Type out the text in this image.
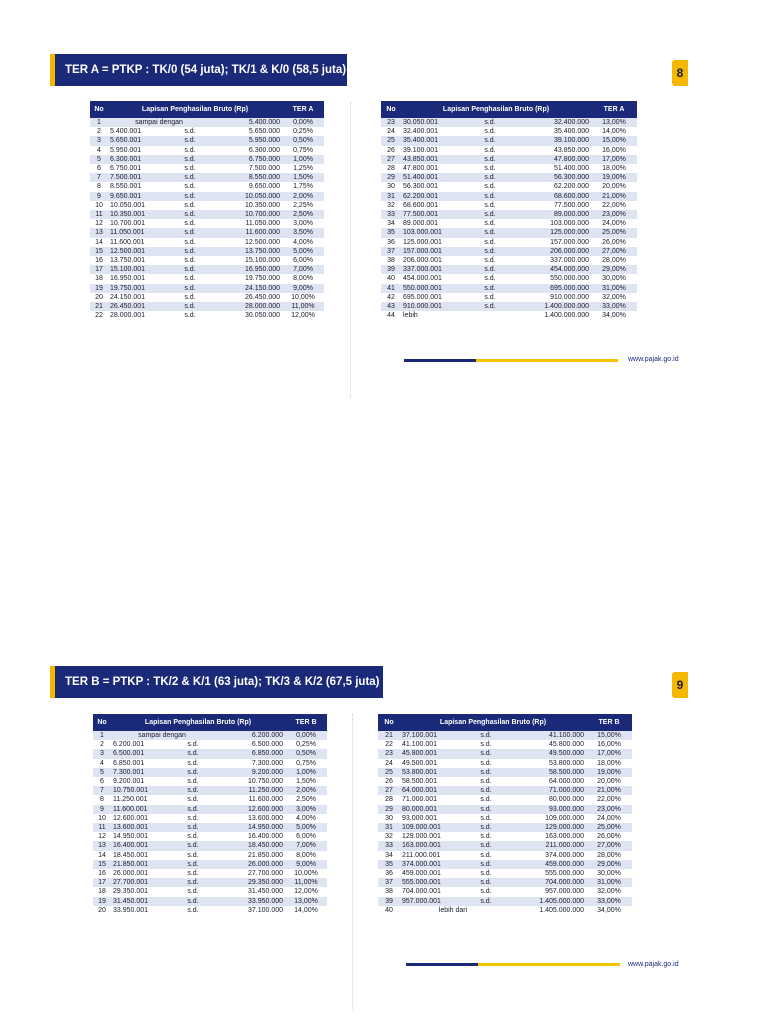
TER A = PTKP : TK/0 (54 juta); TK/1 & K/0 (58,5 juta)	8
No	Lapisan Penghasilan Bruto (Rp)			TER A
1	sampai dengan		5.400.000	0,00%
2	5.400.001	s.d.	5.650.000	0,25%
3	5.650.001	s.d.	5.950.000	0,50%
4	5.950.001	s.d.	6.300.000	0,75%
5	6.300.001	s.d.	6.750.000	1,00%
6	6.750.001	s.d.	7.500.000	1,25%
7	7.500.001	s.d.	8.550.000	1,50%
8	8.550.001	s.d.	9.650.000	1,75%
9	9.650.001	s.d.	10.050.000	2,00%
10	10.050.001	s.d.	10.350.000	2,25%
11	10.350.001	s.d.	10.700.000	2,50%
12	10.700.001	s.d.	11.050.000	3,00%
13	11.050.001	s.d.	11.600.000	3,50%
14	11.600.001	s.d.	12.500.000	4,00%
15	12.500.001	s.d.	13.750.000	5,00%
16	13.750.001	s.d.	15.100.000	6,00%
17	15.100.001	s.d.	16.950.000	7,00%
18	16.950.001	s.d.	19.750.000	8,00%
19	19.750.001	s.d.	24.150.000	9,00%
20	24.150.001	s.d.	26.450.000	10,00%
21	26.450.001	s.d.	28.000.000	11,00%
22	28.000.001	s.d.	30.050.000	12,00%
No	Lapisan Penghasilan Bruto (Rp)			TER A
23	30.050.001	s.d.	32.400.000	13,00%
24	32.400.001	s.d.	35.400.000	14,00%
25	35.400.001	s.d.	39.100.000	15,00%
26	39.100.001	s.d.	43.850.000	16,00%
27	43.850.001	s.d.	47.800.000	17,00%
28	47.800.001	s.d.	51.400.000	18,00%
29	51.400.001	s.d.	56.300.000	19,00%
30	56.300.001	s.d.	62.200.000	20,00%
31	62.200.001	s.d.	68.600.000	21,00%
32	68.600.001	s.d.	77.500.000	22,00%
33	77.500.001	s.d.	89.000.000	23,00%
34	89.000.001	s.d.	103.000.000	24,00%
35	103.000.001	s.d.	125.000.000	25,00%
36	125.000.001	s.d.	157.000.000	26,00%
37	157.000.001	s.d.	206.000.000	27,00%
38	206.000.001	s.d.	337.000.000	28,00%
39	337.000.001	s.d.	454.000.000	29,00%
40	454.000.001	s.d.	550.000.000	30,00%
41	550.000.001	s.d.	695.000.000	31,00%
42	695.000.001	s.d.	910.000.000	32,00%
43	910.000.001	s.d.	1.400.000.000	33,00%
44	lebih		1.400.000.000	34,00%
www.pajak.go.id
TER B = PTKP : TK/2 & K/1 (63 juta); TK/3 & K/2 (67,5 juta)	9
No	Lapisan Penghasilan Bruto (Rp)			TER B
1	sampai dengan		6.200.000	0,00%
2	6.200.001	s.d.	6.500.000	0,25%
3	6.500.001	s.d.	6.850.000	0,50%
4	6.850.001	s.d.	7.300.000	0,75%
5	7.300.001	s.d.	9.200.000	1,00%
6	9.200.001	s.d.	10.750.000	1,50%
7	10.750.001	s.d.	11.250.000	2,00%
8	11.250.001	s.d.	11.600.000	2,50%
9	11.600.001	s.d.	12.600.000	3,00%
10	12.600.001	s.d.	13.600.000	4,00%
11	13.600.001	s.d.	14.950.000	5,00%
12	14.950.001	s.d.	16.400.000	6,00%
13	16.400.001	s.d.	18.450.000	7,00%
14	18.450.001	s.d.	21.850.000	8,00%
15	21.850.001	s.d.	26.000.000	9,00%
16	26.000.001	s.d.	27.700.000	10,00%
17	27.700.001	s.d.	29.350.000	11,00%
18	29.350.001	s.d.	31.450.000	12,00%
19	31.450.001	s.d.	33.950.000	13,00%
20	33.950.001	s.d.	37.100.000	14,00%
No	Lapisan Penghasilan Bruto (Rp)			TER B
21	37.100.001	s.d.	41.100.000	15,00%
22	41.100.001	s.d.	45.800.000	16,00%
23	45.800.001	s.d.	49.500.000	17,00%
24	49.500.001	s.d.	53.800.000	18,00%
25	53.800.001	s.d.	58.500.000	19,00%
26	58.500.001	s.d.	64.000.000	20,00%
27	64.000.001	s.d.	71.000.000	21,00%
28	71.000.001	s.d.	80.000.000	22,00%
29	80.000.001	s.d.	93.000.000	23,00%
30	93.000.001	s.d.	109.000.000	24,00%
31	109.000.001	s.d.	129.000.000	25,00%
32	129.000.001	s.d.	163.000.000	26,00%
33	163.000.001	s.d.	211.000.000	27,00%
34	211.000.001	s.d.	374.000.000	28,00%
35	374.000.001	s.d.	459.000.000	29,00%
36	459.000.001	s.d.	555.000.000	30,00%
37	555.000.001	s.d.	704.000.000	31,00%
38	704.000.001	s.d.	957.000.000	32,00%
39	957.000.001	s.d.	1.405.000.000	33,00%
40	lebih dari		1.405.000.000	34,00%
www.pajak.go.id
